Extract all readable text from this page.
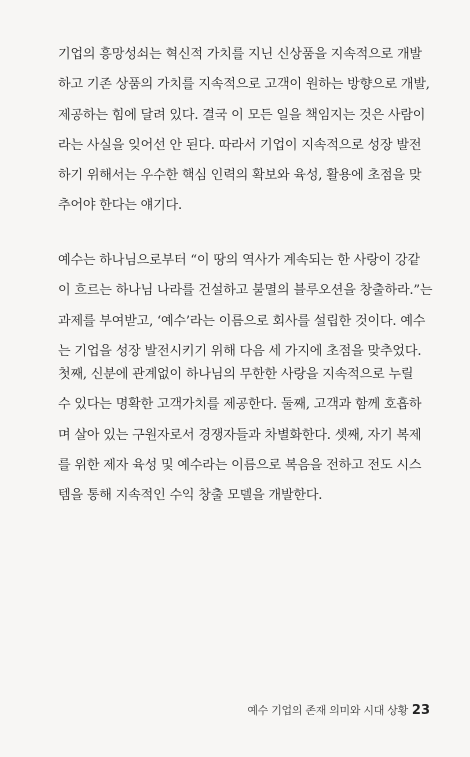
기업의 흥망성쇠는 혁신적 가치를 지닌 신상품을 지속적으로 개발
하고 기존 상품의 가치를 지속적으로 고객이 원하는 방향으로 개발,
제공하는 힘에 달려 있다. 결국 이 모든 일을 책임지는 것은 사람이
라는 사실을 잊어선 안 된다. 따라서 기업이 지속적으로 성장 발전
하기 위해서는 우수한 핵심 인력의 확보와 육성, 활용에 초점을 맞
추어야 한다는 얘기다.
예수는 하나님으로부터 “이 땅의 역사가 계속되는 한 사랑이 강같
이 흐르는 하나님 나라를 건설하고 불멸의 블루오션을 창출하라.”는
과제를 부여받고, ‘예수’라는 이름으로 회사를 설립한 것이다. 예수
는 기업을 성장 발전시키기 위해 다음 세 가지에 초점을 맞추었다.
첫째, 신분에 관계없이 하나님의 무한한 사랑을 지속적으로 누릴
수 있다는 명확한 고객가치를 제공한다. 둘째, 고객과 함께 호흡하
며 살아 있는 구원자로서 경쟁자들과 차별화한다. 셋째, 자기 복제
를 위한 제자 육성 및 예수라는 이름으로 복음을 전하고 전도 시스
템을 통해 지속적인 수익 창출 모델을 개발한다.
예수 기업의 존재 의미와 시대 상황 23
